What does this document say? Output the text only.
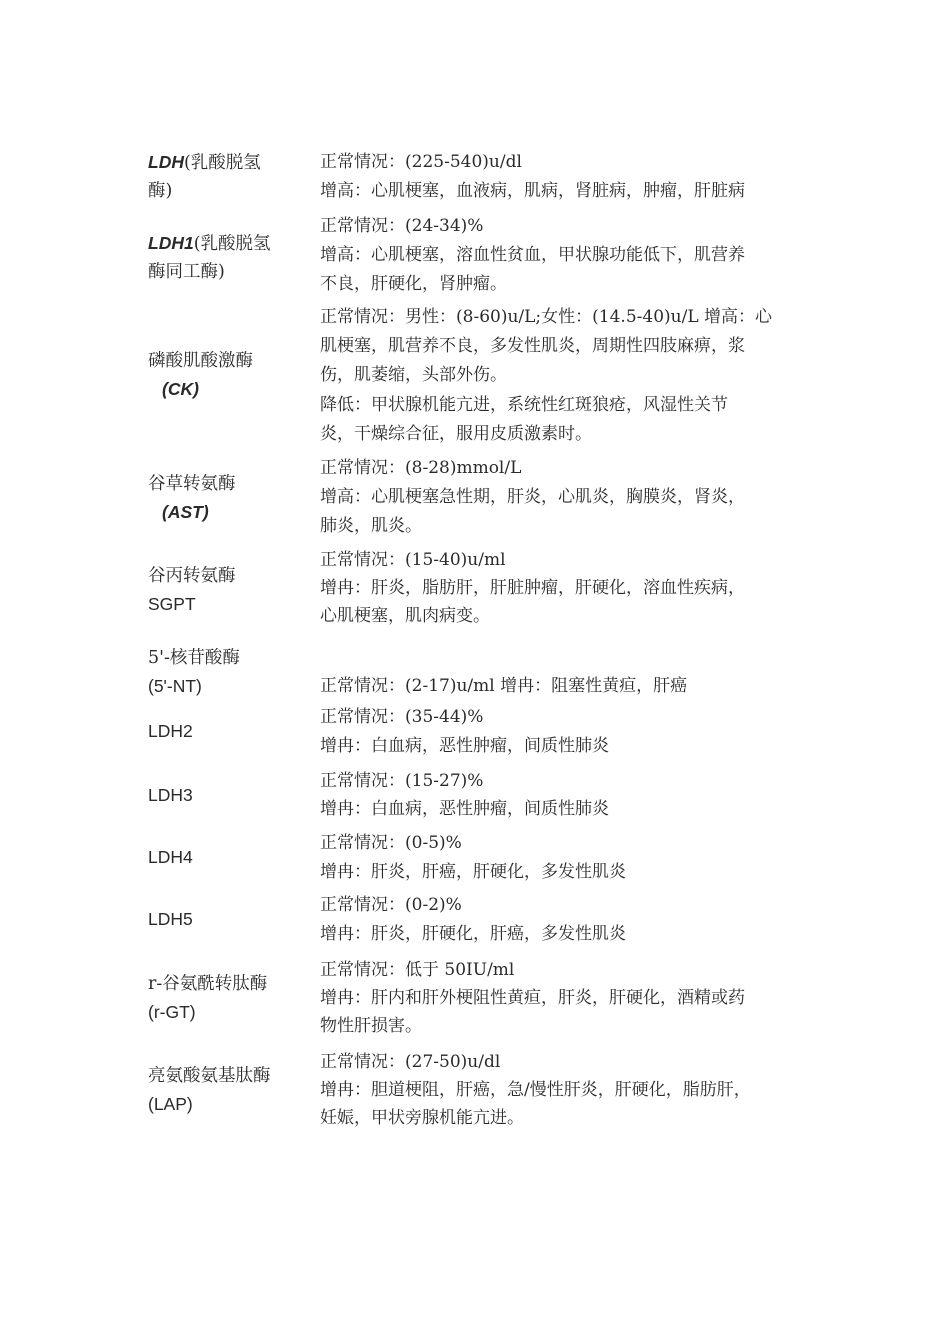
LDH(乳酸脱氢
酶)
正常情况：(225-540)u/dl
增高：心肌梗塞，血液病，肌病，肾脏病，肿瘤，肝脏病
LDH1(乳酸脱氢
酶同工酶)
正常情况：(24-34)%
增高：心肌梗塞，溶血性贫血，甲状腺功能低下，肌营养
不良，肝硬化，肾肿瘤。
磷酸肌酸激酶
(CK)
正常情况：男性：(8-60)u/L;女性：(14.5-40)u/L 增高：心
肌梗塞，肌营养不良，多发性肌炎，周期性四肢麻痹，浆
伤，肌萎缩，头部外伤。
降低：甲状腺机能亢进，系统性红斑狼疮，风湿性关节
炎，干燥综合征，服用皮质激素时。
谷草转氨酶
(AST)
正常情况：(8-28)mmol/L
增高：心肌梗塞急性期，肝炎，心肌炎，胸膜炎，肾炎，
肺炎，肌炎。
谷丙转氨酶
SGPT
正常情况：(15-40)u/ml
增冉：肝炎，脂肪肝，肝脏肿瘤，肝硬化，溶血性疾病，
心肌梗塞，肌肉病变。
5'-核苷酸酶
(5'-NT)	正常情况：(2-17)u/ml 增冉：阻塞性黄疸，肝癌
LDH2
正常情况：(35-44)%
增冉：白血病，恶性肿瘤，间质性肺炎
LDH3
正常情况：(15-27)%
增冉：白血病，恶性肿瘤，间质性肺炎
LDH4
正常情况：(0-5)%
增冉：肝炎，肝癌，肝硬化，多发性肌炎
LDH5
正常情况：(0-2)%
增冉：肝炎，肝硬化，肝癌，多发性肌炎
r-谷氨酰转肽酶
(r-GT)
正常情况：低于 50IU/ml
增冉：肝内和肝外梗阻性黄疸，肝炎，肝硬化，酒精或药
物性肝损害。
亮氨酸氨基肽酶
(LAP)
正常情况：(27-50)u/dl
增冉：胆道梗阻，肝癌，急/慢性肝炎，肝硬化，脂肪肝，
妊娠，甲状旁腺机能亢进。
